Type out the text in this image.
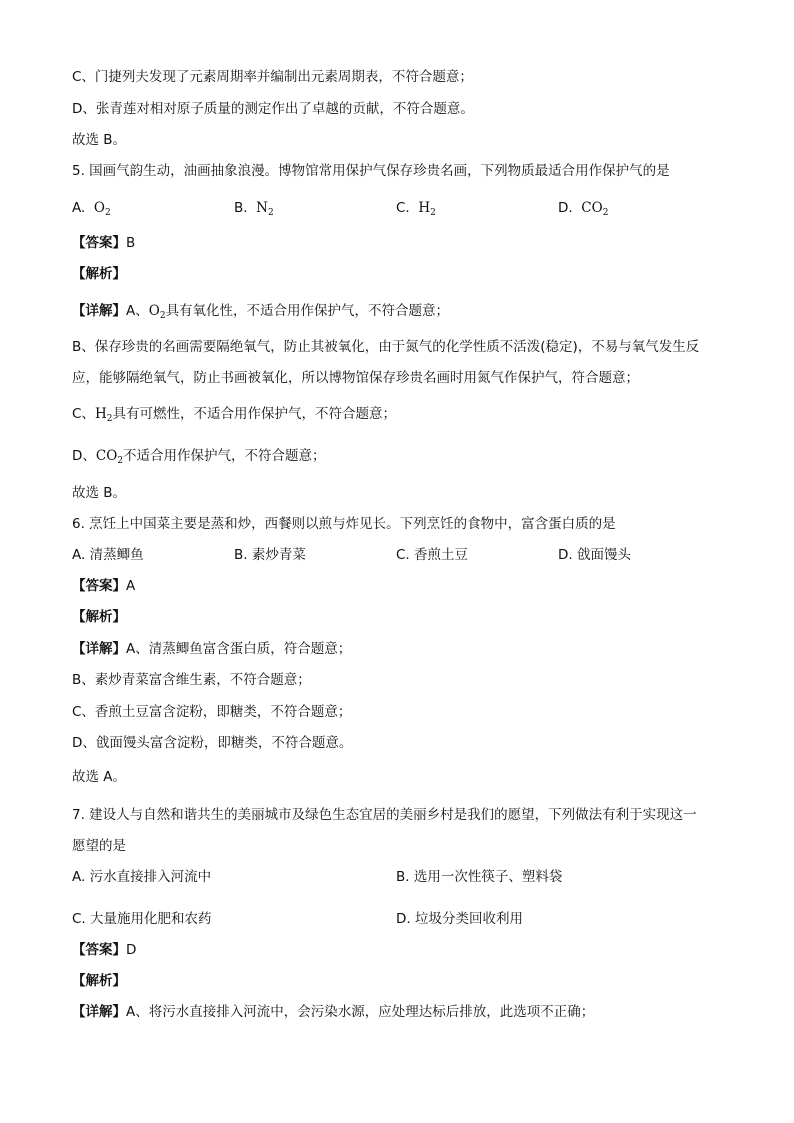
C、门捷列夫发现了元素周期率并编制出元素周期表，不符合题意；
D、张青莲对相对原子质量的测定作出了卓越的贡献，不符合题意。
故选 B。
5. 国画气韵生动，油画抽象浪漫。博物馆常用保护气保存珍贵名画，下列物质最适合用作保护气的是
A. $O_2$	B. $N_2$	C. $H_2$	D. $CO_2$
【答案】B
【解析】
【详解】A、$O_2$具有氧化性，不适合用作保护气，不符合题意；
B、保存珍贵的名画需要隔绝氧气，防止其被氧化，由于氮气的化学性质不活泼(稳定)，不易与氧气发生反
应，能够隔绝氧气，防止书画被氧化，所以博物馆保存珍贵名画时用氮气作保护气，符合题意；
C、$H_2$具有可燃性，不适合用作保护气，不符合题意；
D、$CO_2$不适合用作保护气，不符合题意；
故选 B。
6. 烹饪上中国菜主要是蒸和炒，西餐则以煎与炸见长。下列烹饪的食物中，富含蛋白质的是
A. 清蒸鲫鱼	B. 素炒青菜	C. 香煎土豆	D. 戗面馒头
【答案】A
【解析】
【详解】A、清蒸鲫鱼富含蛋白质，符合题意；
B、素炒青菜富含维生素，不符合题意；
C、香煎土豆富含淀粉，即糖类，不符合题意；
D、戗面馒头富含淀粉，即糖类，不符合题意。
故选 A。
7. 建设人与自然和谐共生的美丽城市及绿色生态宜居的美丽乡村是我们的愿望，下列做法有利于实现这一
愿望的是
A. 污水直接排入河流中	B. 选用一次性筷子、塑料袋
C. 大量施用化肥和农药	D. 垃圾分类回收利用
【答案】D
【解析】
【详解】A、将污水直接排入河流中，会污染水源，应处理达标后排放，此选项不正确；
